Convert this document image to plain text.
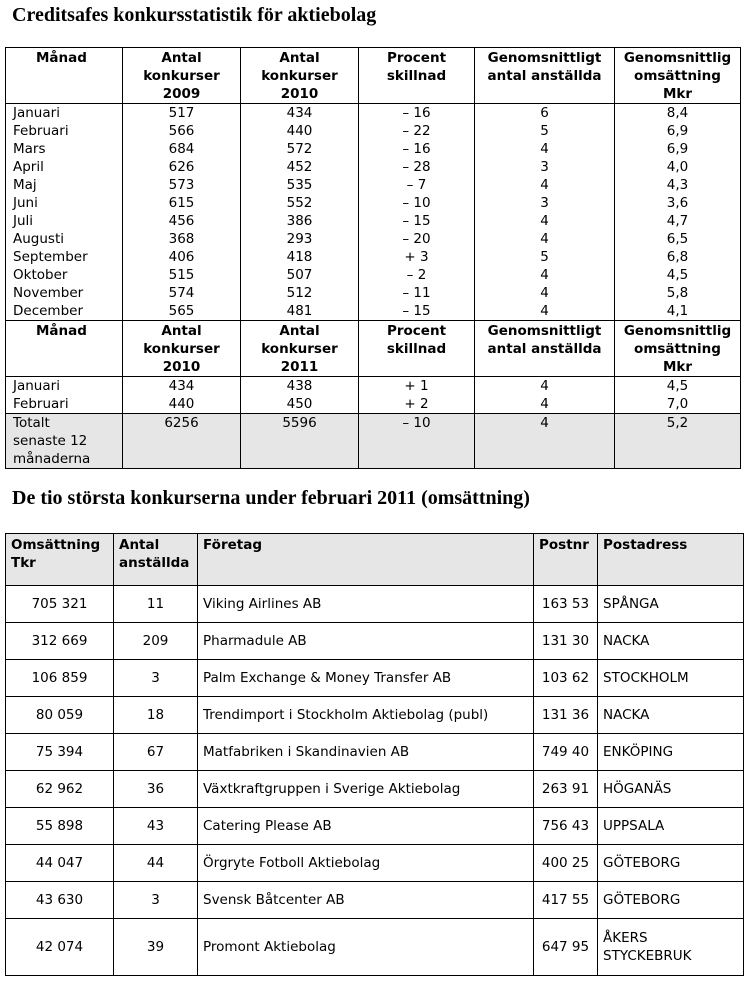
Creditsafes konkursstatistik för aktiebolag
Månad	Antal
konkurser
2009	Antal
konkurser
2010	Procent
skillnad	Genomsnittligt
antal anställda	Genomsnittlig
omsättning
Mkr
Januari	517	434	– 16	6	8,4
Februari	566	440	– 22	5	6,9
Mars	684	572	– 16	4	6,9
April	626	452	– 28	3	4,0
Maj	573	535	– 7	4	4,3
Juni	615	552	– 10	3	3,6
Juli	456	386	– 15	4	4,7
Augusti	368	293	– 20	4	6,5
September	406	418	+ 3	5	6,8
Oktober	515	507	– 2	4	4,5
November	574	512	– 11	4	5,8
December	565	481	– 15	4	4,1
Månad	Antal
konkurser
2010	Antal
konkurser
2011	Procent
skillnad	Genomsnittligt
antal anställda	Genomsnittlig
omsättning
Mkr
Januari	434	438	+ 1	4	4,5
Februari	440	450	+ 2	4	7,0
Totalt
senaste 12
månaderna	6256	5596	– 10	4	5,2
De tio största konkurserna under februari 2011 (omsättning)
Omsättning
Tkr	Antal
anställda	Företag	Postnr	Postadress
705 321	11	Viking Airlines AB	163 53	SPÅNGA
312 669	209	Pharmadule AB	131 30	NACKA
106 859	3	Palm Exchange & Money Transfer AB	103 62	STOCKHOLM
80 059	18	Trendimport i Stockholm Aktiebolag (publ)	131 36	NACKA
75 394	67	Matfabriken i Skandinavien AB	749 40	ENKÖPING
62 962	36	Växtkraftgruppen i Sverige Aktiebolag	263 91	HÖGANÄS
55 898	43	Catering Please AB	756 43	UPPSALA
44 047	44	Örgryte Fotboll Aktiebolag	400 25	GÖTEBORG
43 630	3	Svensk Båtcenter AB	417 55	GÖTEBORG
42 074	39	Promont Aktiebolag	647 95	ÅKERS
STYCKEBRUK
